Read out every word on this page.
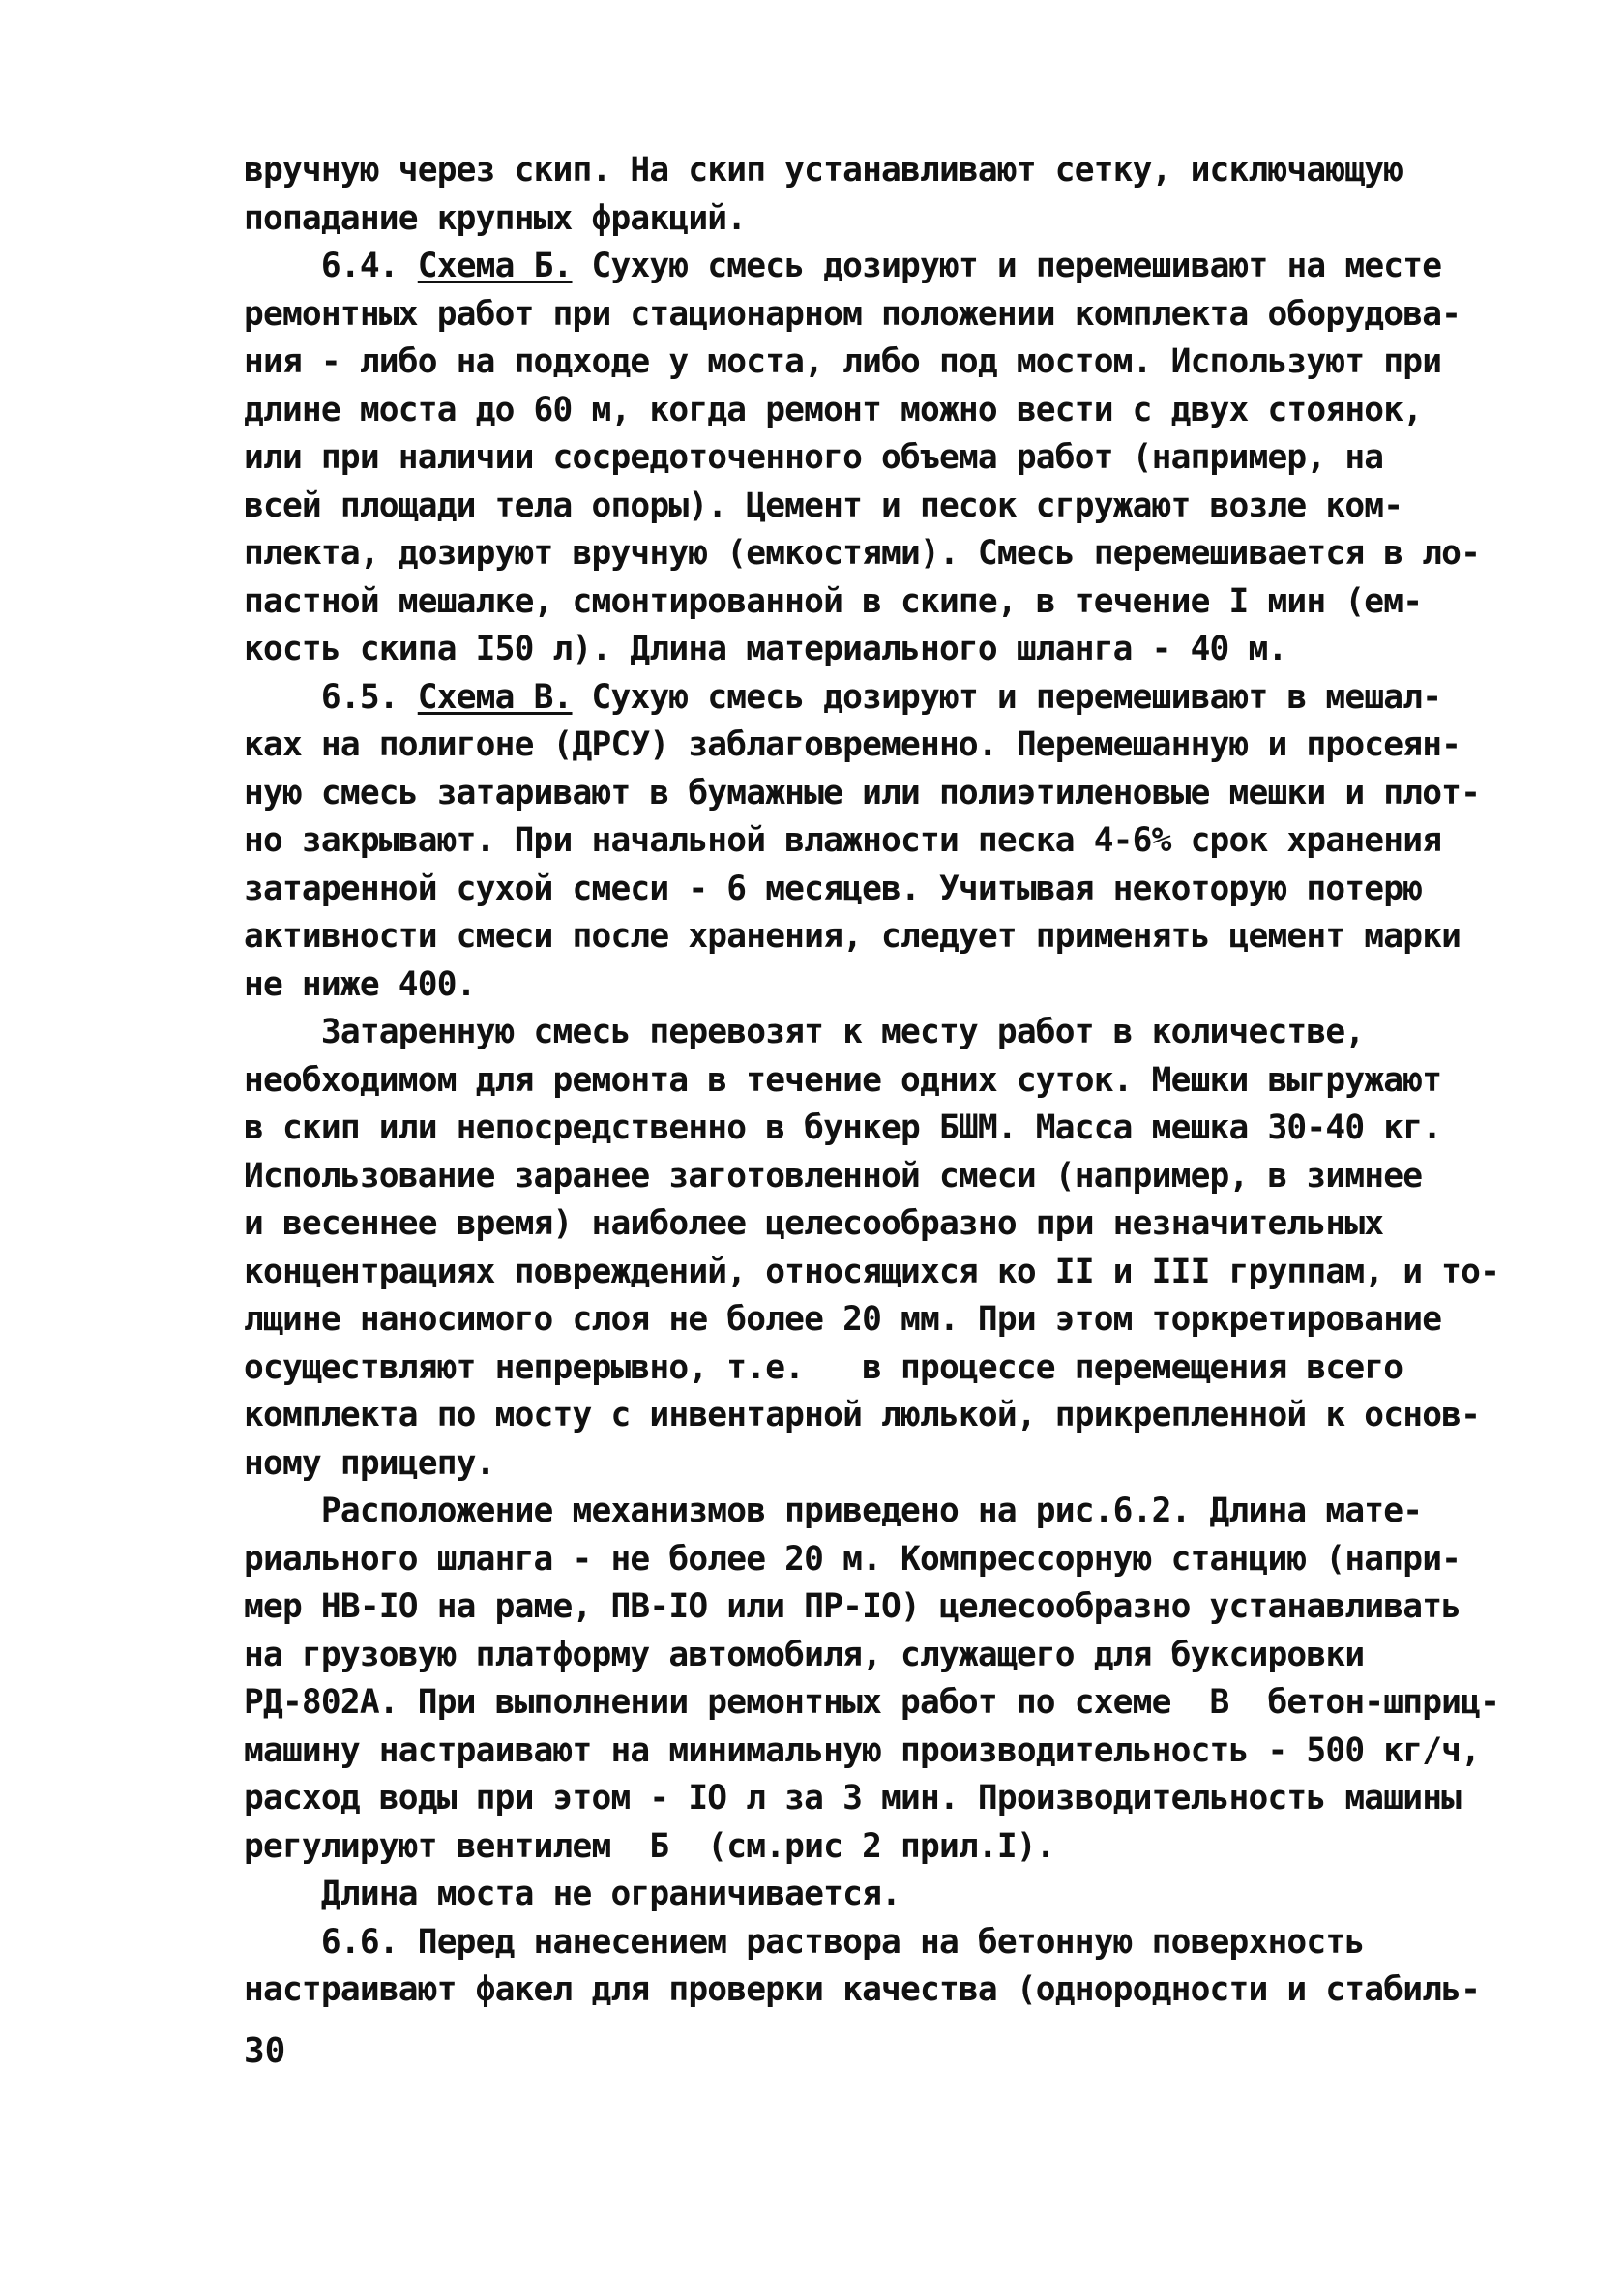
вручную через скип. На скип устанавливают сетку, исключающую
попадание крупных фракций.
6.4. Схема Б. Сухую смесь дозируют и перемешивают на месте
ремонтных работ при стационарном положении комплекта оборудова-
ния - либо на подходе у моста, либо под мостом. Используют при
длине моста до 60 м, когда ремонт можно вести с двух стоянок,
или при наличии сосредоточенного объема работ (например, на
всей площади тела опоры). Цемент и песок сгружают возле ком-
плекта, дозируют вручную (емкостями). Смесь перемешивается в ло-
пастной мешалке, смонтированной в скипе, в течение I мин (ем-
кость скипа I50 л). Длина материального шланга - 40 м.
6.5. Схема В. Сухую смесь дозируют и перемешивают в мешал-
ках на полигоне (ДРСУ) заблаговременно. Перемешанную и просеян-
ную смесь затаривают в бумажные или полиэтиленовые мешки и плот-
но закрывают. При начальной влажности песка 4-6% срок хранения
затаренной сухой смеси - 6 месяцев. Учитывая некоторую потерю
активности смеси после хранения, следует применять цемент марки
не ниже 400.
Затаренную смесь перевозят к месту работ в количестве,
необходимом для ремонта в течение одних суток. Мешки выгружают
в скип или непосредственно в бункер БШМ. Масса мешка 30-40 кг.
Использование заранее заготовленной смеси (например, в зимнее
и весеннее время) наиболее целесообразно при незначительных
концентрациях повреждений, относящихся ко II и III группам, и то-
лщине наносимого слоя не более 20 мм. При этом торкретирование
осуществляют непрерывно, т.е.   в процессе перемещения всего
комплекта по мосту с инвентарной люлькой, прикрепленной к основ-
ному прицепу.
Расположение механизмов приведено на рис.6.2. Длина мате-
риального шланга - не более 20 м. Компрессорную станцию (напри-
мер НВ-IO на раме, ПВ-IO или ПР-IO) целесообразно устанавливать
на грузовую платформу автомобиля, служащего для буксировки
РД-802А. При выполнении ремонтных работ по схеме  В  бетон-шприц-
машину настраивают на минимальную производительность - 500 кг/ч,
расход воды при этом - IO л за 3 мин. Производительность машины
регулируют вентилем  Б  (см.рис 2 прил.I).
Длина моста не ограничивается.
6.6. Перед нанесением раствора на бетонную поверхность
настраивают факел для проверки качества (однородности и стабиль-
30
